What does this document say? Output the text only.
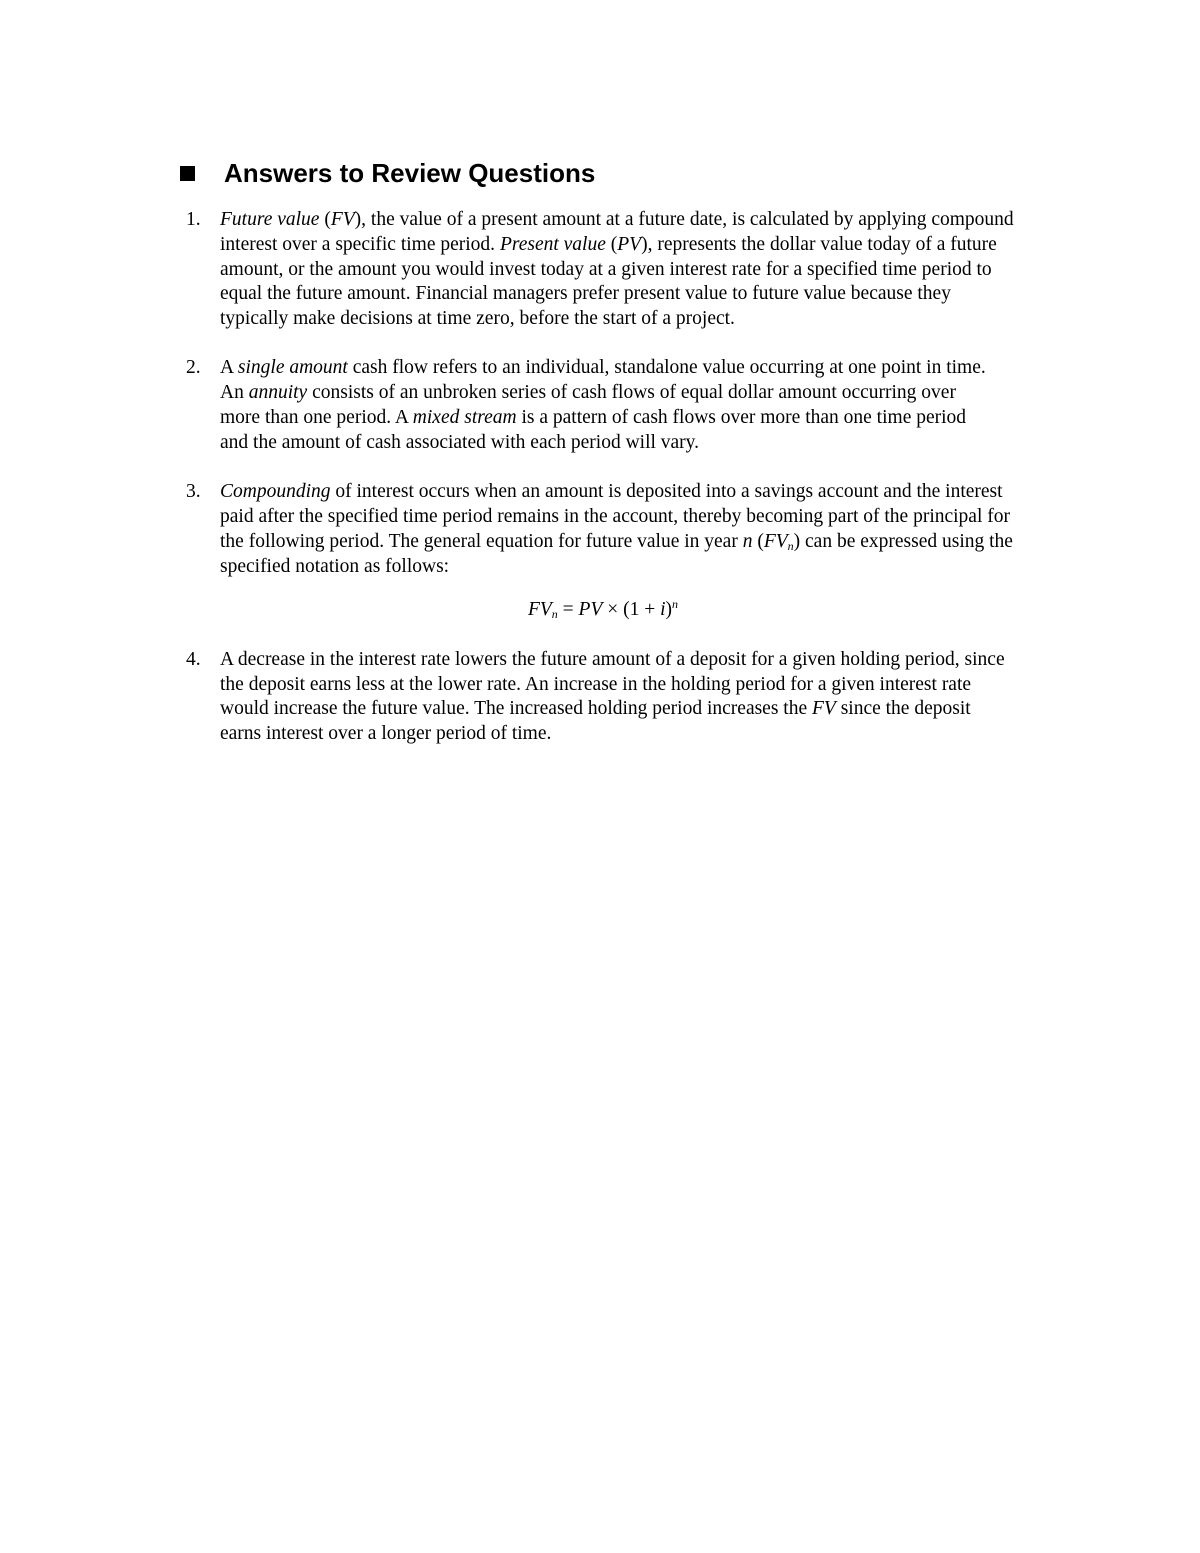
Answers to Review Questions
1. Future value (FV), the value of a present amount at a future date, is calculated by applying compound
interest over a specific time period. Present value (PV), represents the dollar value today of a future
amount, or the amount you would invest today at a given interest rate for a specified time period to
equal the future amount. Financial managers prefer present value to future value because they
typically make decisions at time zero, before the start of a project.
2. A single amount cash flow refers to an individual, standalone value occurring at one point in time.
An annuity consists of an unbroken series of cash flows of equal dollar amount occurring over
more than one period. A mixed stream is a pattern of cash flows over more than one time period
and the amount of cash associated with each period will vary.
3. Compounding of interest occurs when an amount is deposited into a savings account and the interest
paid after the specified time period remains in the account, thereby becoming part of the principal for
the following period. The general equation for future value in year n $(FV_n)$ can be expressed using the
specified notation as follows:
$FV_n$ = PV × $(1 + i)^n$
4. A decrease in the interest rate lowers the future amount of a deposit for a given holding period, since
the deposit earns less at the lower rate. An increase in the holding period for a given interest rate
would increase the future value. The increased holding period increases the FV since the deposit
earns interest over a longer period of time.
